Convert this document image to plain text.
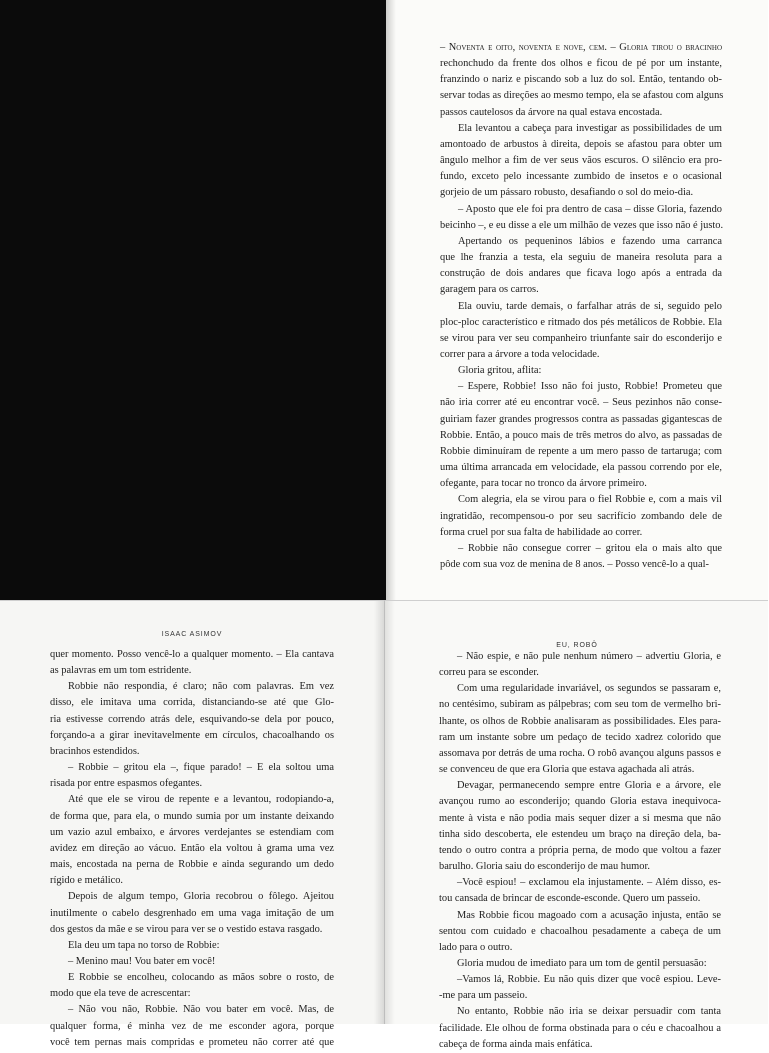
– Noventa e oito, noventa e nove, cem. – Gloria tirou o bracinho
rechonchudo da frente dos olhos e ficou de pé por um instante,
franzindo o nariz e piscando sob a luz do sol. Então, tentando ob-
servar todas as direções ao mesmo tempo, ela se afastou com alguns
passos cautelosos da árvore na qual estava encostada.
Ela levantou a cabeça para investigar as possibilidades de um
amontoado de arbustos à direita, depois se afastou para obter um
ângulo melhor a fim de ver seus vãos escuros. O silêncio era pro-
fundo, exceto pelo incessante zumbido de insetos e o ocasional
gorjeio de um pássaro robusto, desafiando o sol do meio-dia.
– Aposto que ele foi pra dentro de casa – disse Gloria, fazendo
beicinho –, e eu disse a ele um milhão de vezes que isso não é justo.
Apertando os pequeninos lábios e fazendo uma carranca
que lhe franzia a testa, ela seguiu de maneira resoluta para a
construção de dois andares que ficava logo após a entrada da
garagem para os carros.
Ela ouviu, tarde demais, o farfalhar atrás de si, seguido pelo
ploc-ploc característico e ritmado dos pés metálicos de Robbie. Ela
se virou para ver seu companheiro triunfante sair do esconderijo e
correr para a árvore a toda velocidade.
Gloria gritou, aflita:
– Espere, Robbie! Isso não foi justo, Robbie! Prometeu que
não iria correr até eu encontrar você. – Seus pezinhos não conse-
guiriam fazer grandes progressos contra as passadas gigantescas de
Robbie. Então, a pouco mais de três metros do alvo, as passadas de
Robbie diminuíram de repente a um mero passo de tartaruga; com
uma última arrancada em velocidade, ela passou correndo por ele,
ofegante, para tocar no tronco da árvore primeiro.
Com alegria, ela se virou para o fiel Robbie e, com a mais vil
ingratidão, recompensou-o por seu sacrifício zombando dele de
forma cruel por sua falta de habilidade ao correr.
– Robbie não consegue correr – gritou ela o mais alto que
pôde com sua voz de menina de 8 anos. – Posso vencê-lo a qual-
ISAAC ASIMOV
quer momento. Posso vencê-lo a qualquer momento. – Ela cantava
as palavras em um tom estridente.
Robbie não respondia, é claro; não com palavras. Em vez
disso, ele imitava uma corrida, distanciando-se até que Glo-
ria estivesse correndo atrás dele, esquivando-se dela por pouco,
forçando-a a girar inevitavelmente em círculos, chacoalhando os
bracinhos estendidos.
– Robbie – gritou ela –, fique parado! – E ela soltou uma
risada por entre espasmos ofegantes.
Até que ele se virou de repente e a levantou, rodopiando-a,
de forma que, para ela, o mundo sumia por um instante deixando
um vazio azul embaixo, e árvores verdejantes se estendiam com
avidez em direção ao vácuo. Então ela voltou à grama uma vez
mais, encostada na perna de Robbie e ainda segurando um dedo
rígido e metálico.
Depois de algum tempo, Gloria recobrou o fôlego. Ajeitou
inutilmente o cabelo desgrenhado em uma vaga imitação de um
dos gestos da mãe e se virou para ver se o vestido estava rasgado.
Ela deu um tapa no torso de Robbie:
– Menino mau! Vou bater em você!
E Robbie se encolheu, colocando as mãos sobre o rosto, de
modo que ela teve de acrescentar:
– Não vou não, Robbie. Não vou bater em você. Mas, de
qualquer forma, é minha vez de me esconder agora, porque
você tem pernas mais compridas e prometeu não correr até que
EU, ROBÔ
– Não espie, e não pule nenhum número – advertiu Gloria, e
correu para se esconder.
Com uma regularidade invariável, os segundos se passaram e,
no centésimo, subiram as pálpebras; com seu tom de vermelho bri-
lhante, os olhos de Robbie analisaram as possibilidades. Eles para-
ram um instante sobre um pedaço de tecido xadrez colorido que
assomava por detrás de uma rocha. O robô avançou alguns passos e
se convenceu de que era Gloria que estava agachada ali atrás.
Devagar, permanecendo sempre entre Gloria e a árvore, ele
avançou rumo ao esconderijo; quando Gloria estava inequivoca-
mente à vista e não podia mais sequer dizer a si mesma que não
tinha sido descoberta, ele estendeu um braço na direção dela, ba-
tendo o outro contra a própria perna, de modo que voltou a fazer
barulho. Gloria saiu do esconderijo de mau humor.
–Você espiou! – exclamou ela injustamente. – Além disso, es-
tou cansada de brincar de esconde-esconde. Quero um passeio.
Mas Robbie ficou magoado com a acusação injusta, então se
sentou com cuidado e chacoalhou pesadamente a cabeça de um
lado para o outro.
Gloria mudou de imediato para um tom de gentil persuasão:
–Vamos lá, Robbie. Eu não quis dizer que você espiou. Leve-
-me para um passeio.
No entanto, Robbie não iria se deixar persuadir com tanta
facilidade. Ele olhou de forma obstinada para o céu e chacoalhou a
cabeça de forma ainda mais enfática.
